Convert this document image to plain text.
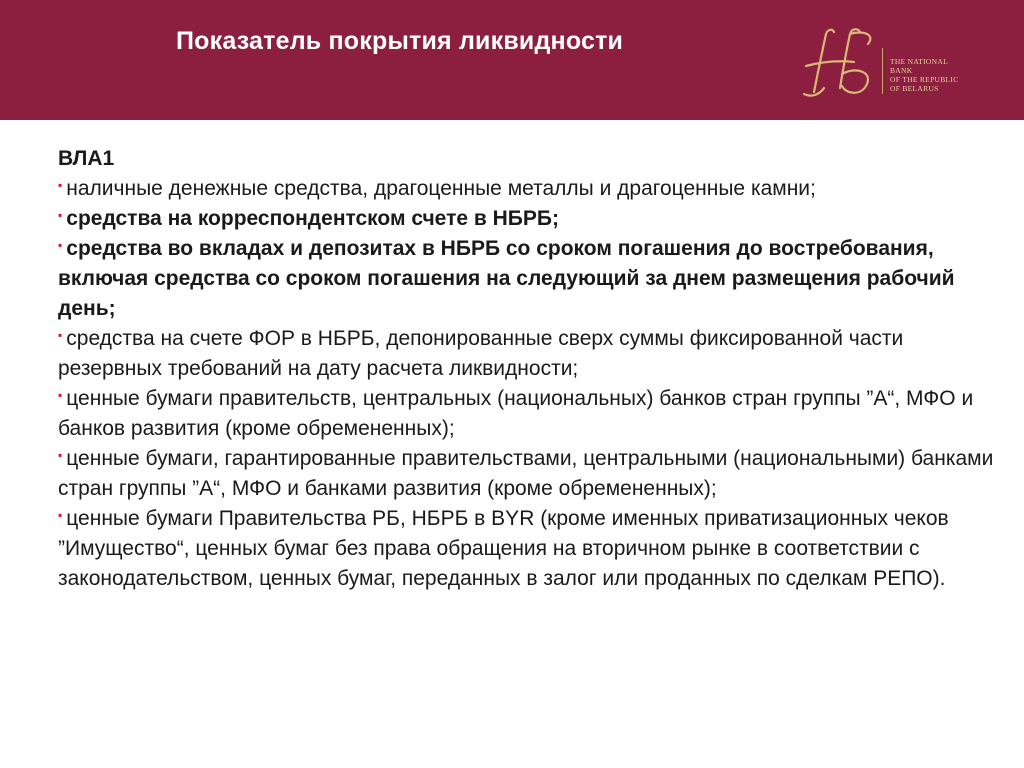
Показатель покрытия ликвидности
THE NATIONAL
BANK
OF THE REPUBLIC
OF BELARUS
ВЛА1
▪ наличные денежные средства, драгоценные металлы и драгоценные камни;
▪ средства на корреспондентском счете в НБРБ;
▪ средства во вкладах и депозитах в НБРБ со сроком погашения до востребования, включая средства со сроком погашения на следующий за днем размещения рабочий день;
▪ средства на счете ФОР в НБРБ, депонированные сверх суммы фиксированной части резервных требований на дату расчета ликвидности;
▪ ценные бумаги правительств, центральных (национальных) банков стран группы ”А“, МФО и банков развития (кроме обремененных);
▪ ценные бумаги, гарантированные правительствами, центральными (национальными) банками стран группы ”А“, МФО и банками развития (кроме обремененных);
▪ ценные бумаги Правительства РБ, НБРБ в BYR (кроме именных приватизационных чеков ”Имущество“, ценных бумаг без права обращения на вторичном рынке в соответствии с законодательством, ценных бумаг, переданных в залог или проданных по сделкам РЕПО).
